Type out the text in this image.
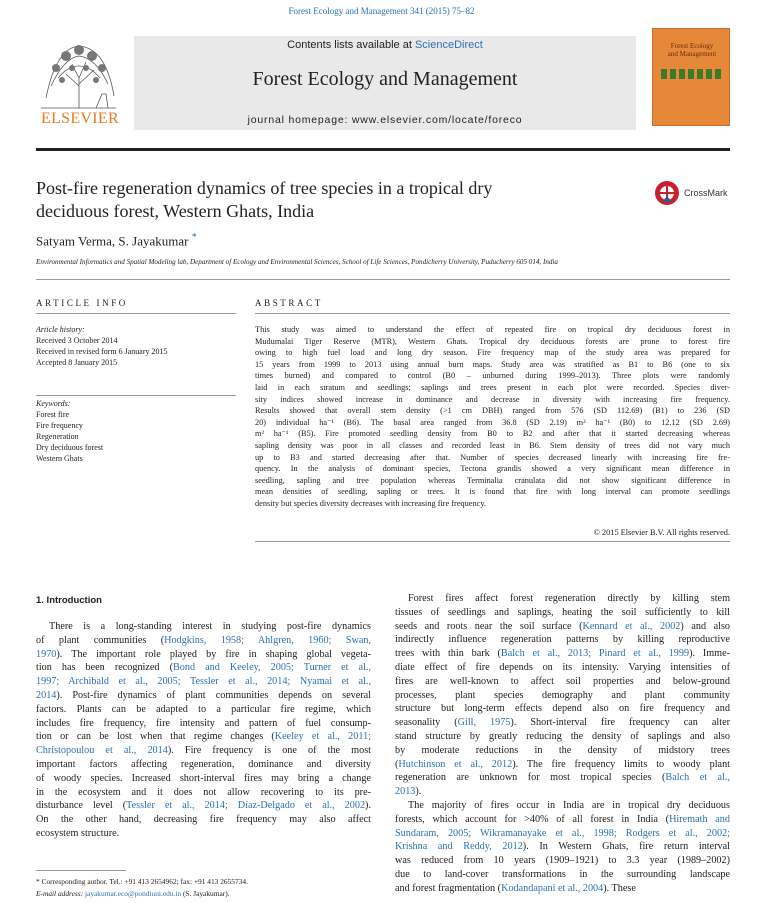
Forest Ecology and Management 341 (2015) 75–82
ELSEVIER
Contents lists available at ScienceDirect
Forest Ecology and Management
journal homepage: www.elsevier.com/locate/foreco
Forest Ecology
and Management
Post-fire regeneration dynamics of tree species in a tropical dry
deciduous forest, Western Ghats, India
CrossMark
Satyam Verma, S. Jayakumar *
Environmental Informatics and Spatial Modeling lab, Department of Ecology and Environmental Sciences, School of Life Sciences, Pondicherry University, Puducherry 605 014, India
ARTICLE INFO	ABSTRACT
Article history:
Received 3 October 2014
Received in revised form 6 January 2015
Accepted 8 January 2015
Keywords:
Forest fire
Fire frequency
Regeneration
Dry deciduous forest
Western Ghats
This study was aimed to understand the effect of repeated fire on tropical dry deciduous forest in
Mudumalai Tiger Reserve (MTR), Western Ghats. Tropical dry deciduous forests are prone to forest fire
owing to high fuel load and long dry season. Fire frequency map of the study area was prepared for
15 years from 1999 to 2013 using annual burn maps. Study area was stratified as B1 to B6 (one to six
times burned) and compared to control (B0 – unburned during 1999–2013). Three plots were randomly
laid in each stratum and seedlings; saplings and trees present in each plot were recorded. Species diver-
sity indices showed increase in dominance and decrease in diversity with increasing fire frequency.
Results showed that overall stem density (>1 cm DBH) ranged from 576 (SD 112.69) (B1) to 236 (SD
20) individual ha⁻¹ (B6). The basal area ranged from 36.8 (SD 2.19) m² ha⁻¹ (B0) to 12.12 (SD 2.69)
m² ha⁻¹ (B5). Fire promoted seedling density from B0 to B2 and after that it started decreasing whereas
sapling density was poor in all classes and recorded least in B6. Stem density of trees did not vary much
up to B3 and started decreasing after that. Number of species decreased linearly with increasing fire fre-
quency. In the analysis of dominant species, Tectona grandis showed a very significant mean difference in
seedling, sapling and tree population whereas Terminalia cranulata did not show significant difference in
mean densities of seedling, sapling or trees. It is found that fire with long interval can promote seedlings
density but species diversity decreases with increasing fire frequency.
© 2015 Elsevier B.V. All rights reserved.
1. Introduction
There is a long-standing interest in studying post-fire dynamics
of plant communities (Hodgkins, 1958; Ahlgren, 1960; Swan,
1970). The important role played by fire in shaping global vegeta-
tion has been recognized (Bond and Keeley, 2005; Turner et al.,
1997; Archibald et al., 2005; Tessler et al., 2014; Nyamai et al.,
2014). Post-fire dynamics of plant communities depends on several
factors. Plants can be adapted to a particular fire regime, which
includes fire frequency, fire intensity and pattern of fuel consump-
tion or can be lost when that regime changes (Keeley et al., 2011;
Christopoulou et al., 2014). Fire frequency is one of the most
important factors affecting regeneration, dominance and diversity
of woody species. Increased short-interval fires may bring a change
in the ecosystem and it does not allow recovering to its pre-
disturbance level (Tessler et al., 2014; Díaz-Delgado et al., 2002).
On the other hand, decreasing fire frequency may also affect
ecosystem structure.
Forest fires affect forest regeneration directly by killing stem
tissues of seedlings and saplings, heating the soil sufficiently to kill
seeds and roots near the soil surface (Kennard et al., 2002) and also
indirectly influence regeneration patterns by killing reproductive
trees with thin bark (Balch et al., 2013; Pinard et al., 1999). Imme-
diate effect of fire depends on its intensity. Varying intensities of
fires are well-known to affect soil properties and below-ground
processes, plant species demography and plant community
structure but long-term effects depend also on fire frequency and
seasonality (Gill, 1975). Short-interval fire frequency can alter
stand structure by greatly reducing the density of saplings and also
by moderate reductions in the density of midstory trees
(Hutchinson et al., 2012). The fire frequency limits to woody plant
regeneration are unknown for most tropical species (Balch et al.,
2013).
The majority of fires occur in India are in tropical dry deciduous
forests, which account for >40% of all forest in India (Hiremath and
Sundaram, 2005; Wikramanayake et al., 1998; Rodgers et al., 2002;
Krishna and Reddy, 2012). In Western Ghats, fire return interval
was reduced from 10 years (1909–1921) to 3.3 year (1989–2002)
due to land-cover transformations in the surrounding landscape
and forest fragmentation (Kodandapani et al., 2004). These
* Corresponding author. Tel.: +91 413 2654962; fax: +91 413 2655734.
E-mail address: jayakumar.eco@pondiuni.edu.in (S. Jayakumar).
